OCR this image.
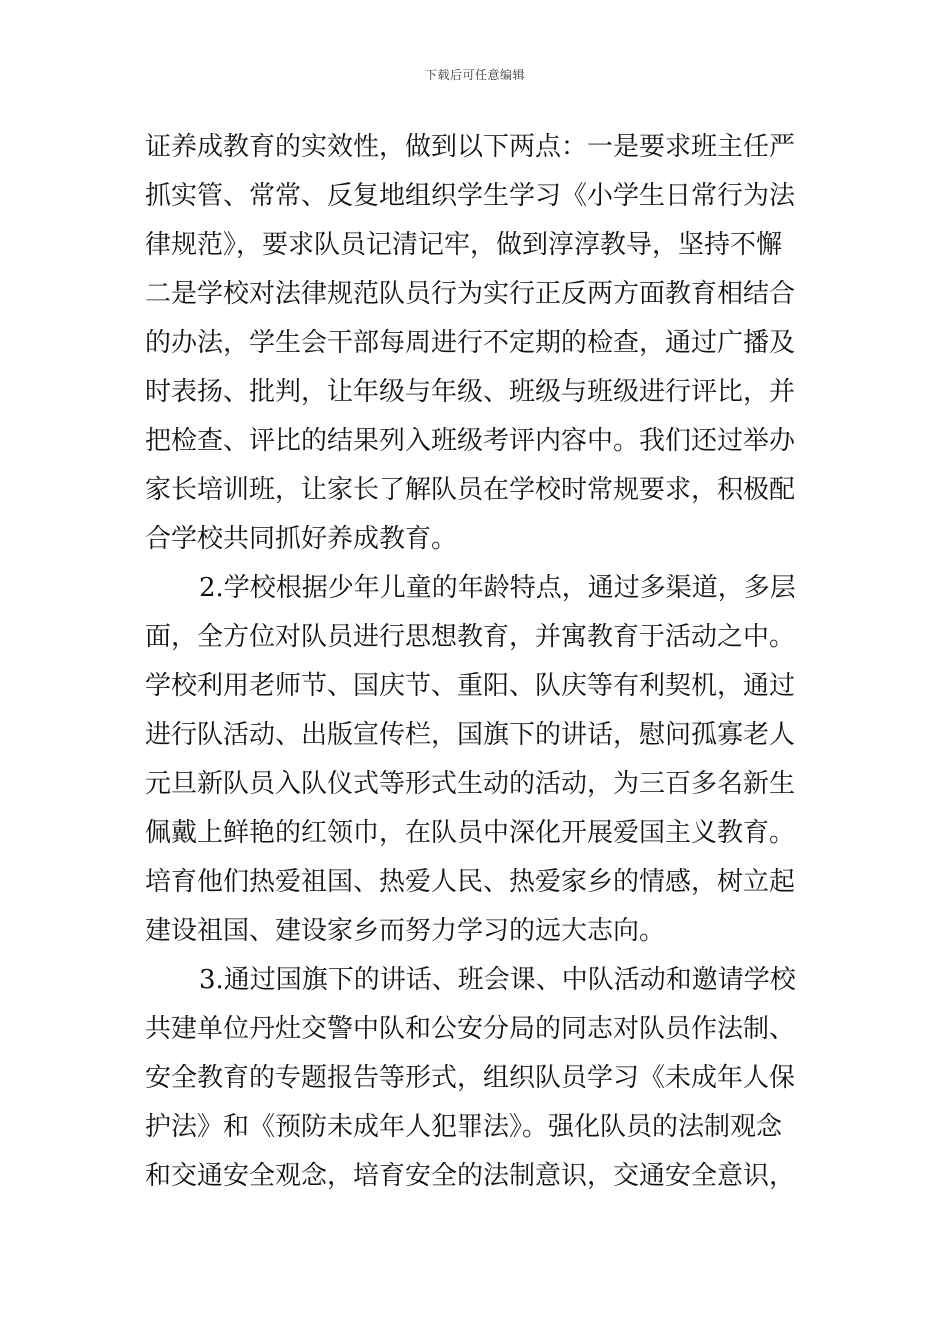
下载后可任意编辑
证养成教育的实效性，做到以下两点：一是要求班主任严
抓实管、常常、反复地组织学生学习《小学生日常行为法
律规范》，要求队员记清记牢，做到淳淳教导，坚持不懈
二是学校对法律规范队员行为实行正反两方面教育相结合
的办法，学生会干部每周进行不定期的检查，通过广播及
时表扬、批判，让年级与年级、班级与班级进行评比，并
把检查、评比的结果列入班级考评内容中。我们还过举办
家长培训班，让家长了解队员在学校时常规要求，积极配
合学校共同抓好养成教育。
2.学校根据少年儿童的年龄特点，通过多渠道，多层
面，全方位对队员进行思想教育，并寓教育于活动之中。
学校利用老师节、国庆节、重阳、队庆等有利契机，通过
进行队活动、出版宣传栏，国旗下的讲话，慰问孤寡老人
元旦新队员入队仪式等形式生动的活动，为三百多名新生
佩戴上鲜艳的红领巾，在队员中深化开展爱国主义教育。
培育他们热爱祖国、热爱人民、热爱家乡的情感，树立起
建设祖国、建设家乡而努力学习的远大志向。
3.通过国旗下的讲话、班会课、中队活动和邀请学校
共建单位丹灶交警中队和公安分局的同志对队员作法制、
安全教育的专题报告等形式，组织队员学习《未成年人保
护法》和《预防未成年人犯罪法》。强化队员的法制观念
和交通安全观念，培育安全的法制意识，交通安全意识，
